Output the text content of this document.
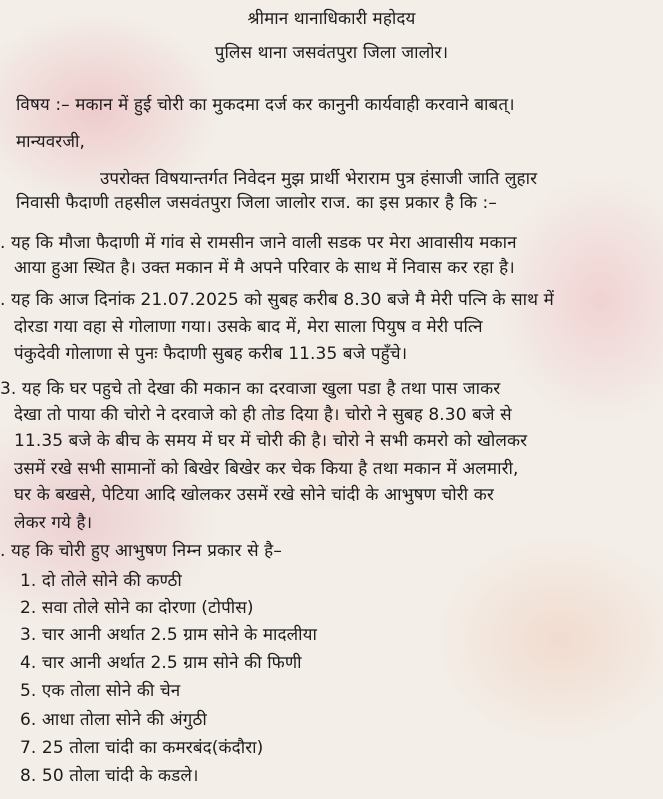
श्रीमान थानाधिकारी महोदय
पुलिस थाना जसवंतपुरा जिला जालोर।
विषय :– मकान में हुई चोरी का मुकदमा दर्ज कर कानुनी कार्यवाही करवाने बाबत्।
मान्यवरजी,
उपरोक्त विषयान्तर्गत निवेदन मुझ प्रार्थी भेराराम पुत्र हंसाजी जाति लुहार
निवासी फैदाणी तहसील जसवंतपुरा जिला जालोर राज. का इस प्रकार है कि :–
. यह कि मौजा फैदाणी में गांव से रामसीन जाने वाली सडक पर मेरा आवासीय मकान
आया हुआ स्थित है। उक्त मकान में मै अपने परिवार के साथ में निवास कर रहा है।
. यह कि आज दिनांक 21.07.2025 को सुबह करीब 8.30 बजे मै मेरी पत्नि के साथ में
दोरडा गया वहा से गोलाणा गया। उसके बाद में, मेरा साला पियुष व मेरी पत्नि
पंकुदेवी गोलाणा से पुनः फैदाणी सुबह करीब 11.35 बजे पहुँचे।
3. यह कि घर पहुचे तो देखा की मकान का दरवाजा खुला पडा है तथा पास जाकर
देखा तो पाया की चोरो ने दरवाजे को ही तोड दिया है। चोरो ने सुबह 8.30 बजे से
11.35 बजे के बीच के समय में घर में चोरी की है। चोरो ने सभी कमरो को खोलकर
उसमें रखे सभी सामानों को बिखेर बिखेर कर चेक किया है तथा मकान में अलमारी,
घर के बखसे, पेटिया आदि खोलकर उसमें रखे सोने चांदी के आभुषण चोरी कर
लेकर गये है।
. यह कि चोरी हुए आभुषण निम्न प्रकार से है–
1. दो तोले सोने की कण्ठी
2. सवा तोले सोने का दोरणा (टोपीस)
3. चार आनी अर्थात 2.5 ग्राम सोने के मादलीया
4. चार आनी अर्थात 2.5 ग्राम सोने की फिणी
5. एक तोला सोने की चेन
6. आधा तोला सोने की अंगुठी
7. 25 तोला चांदी का कमरबंद(कंदौरा)
8. 50 तोला चांदी के कडले।
